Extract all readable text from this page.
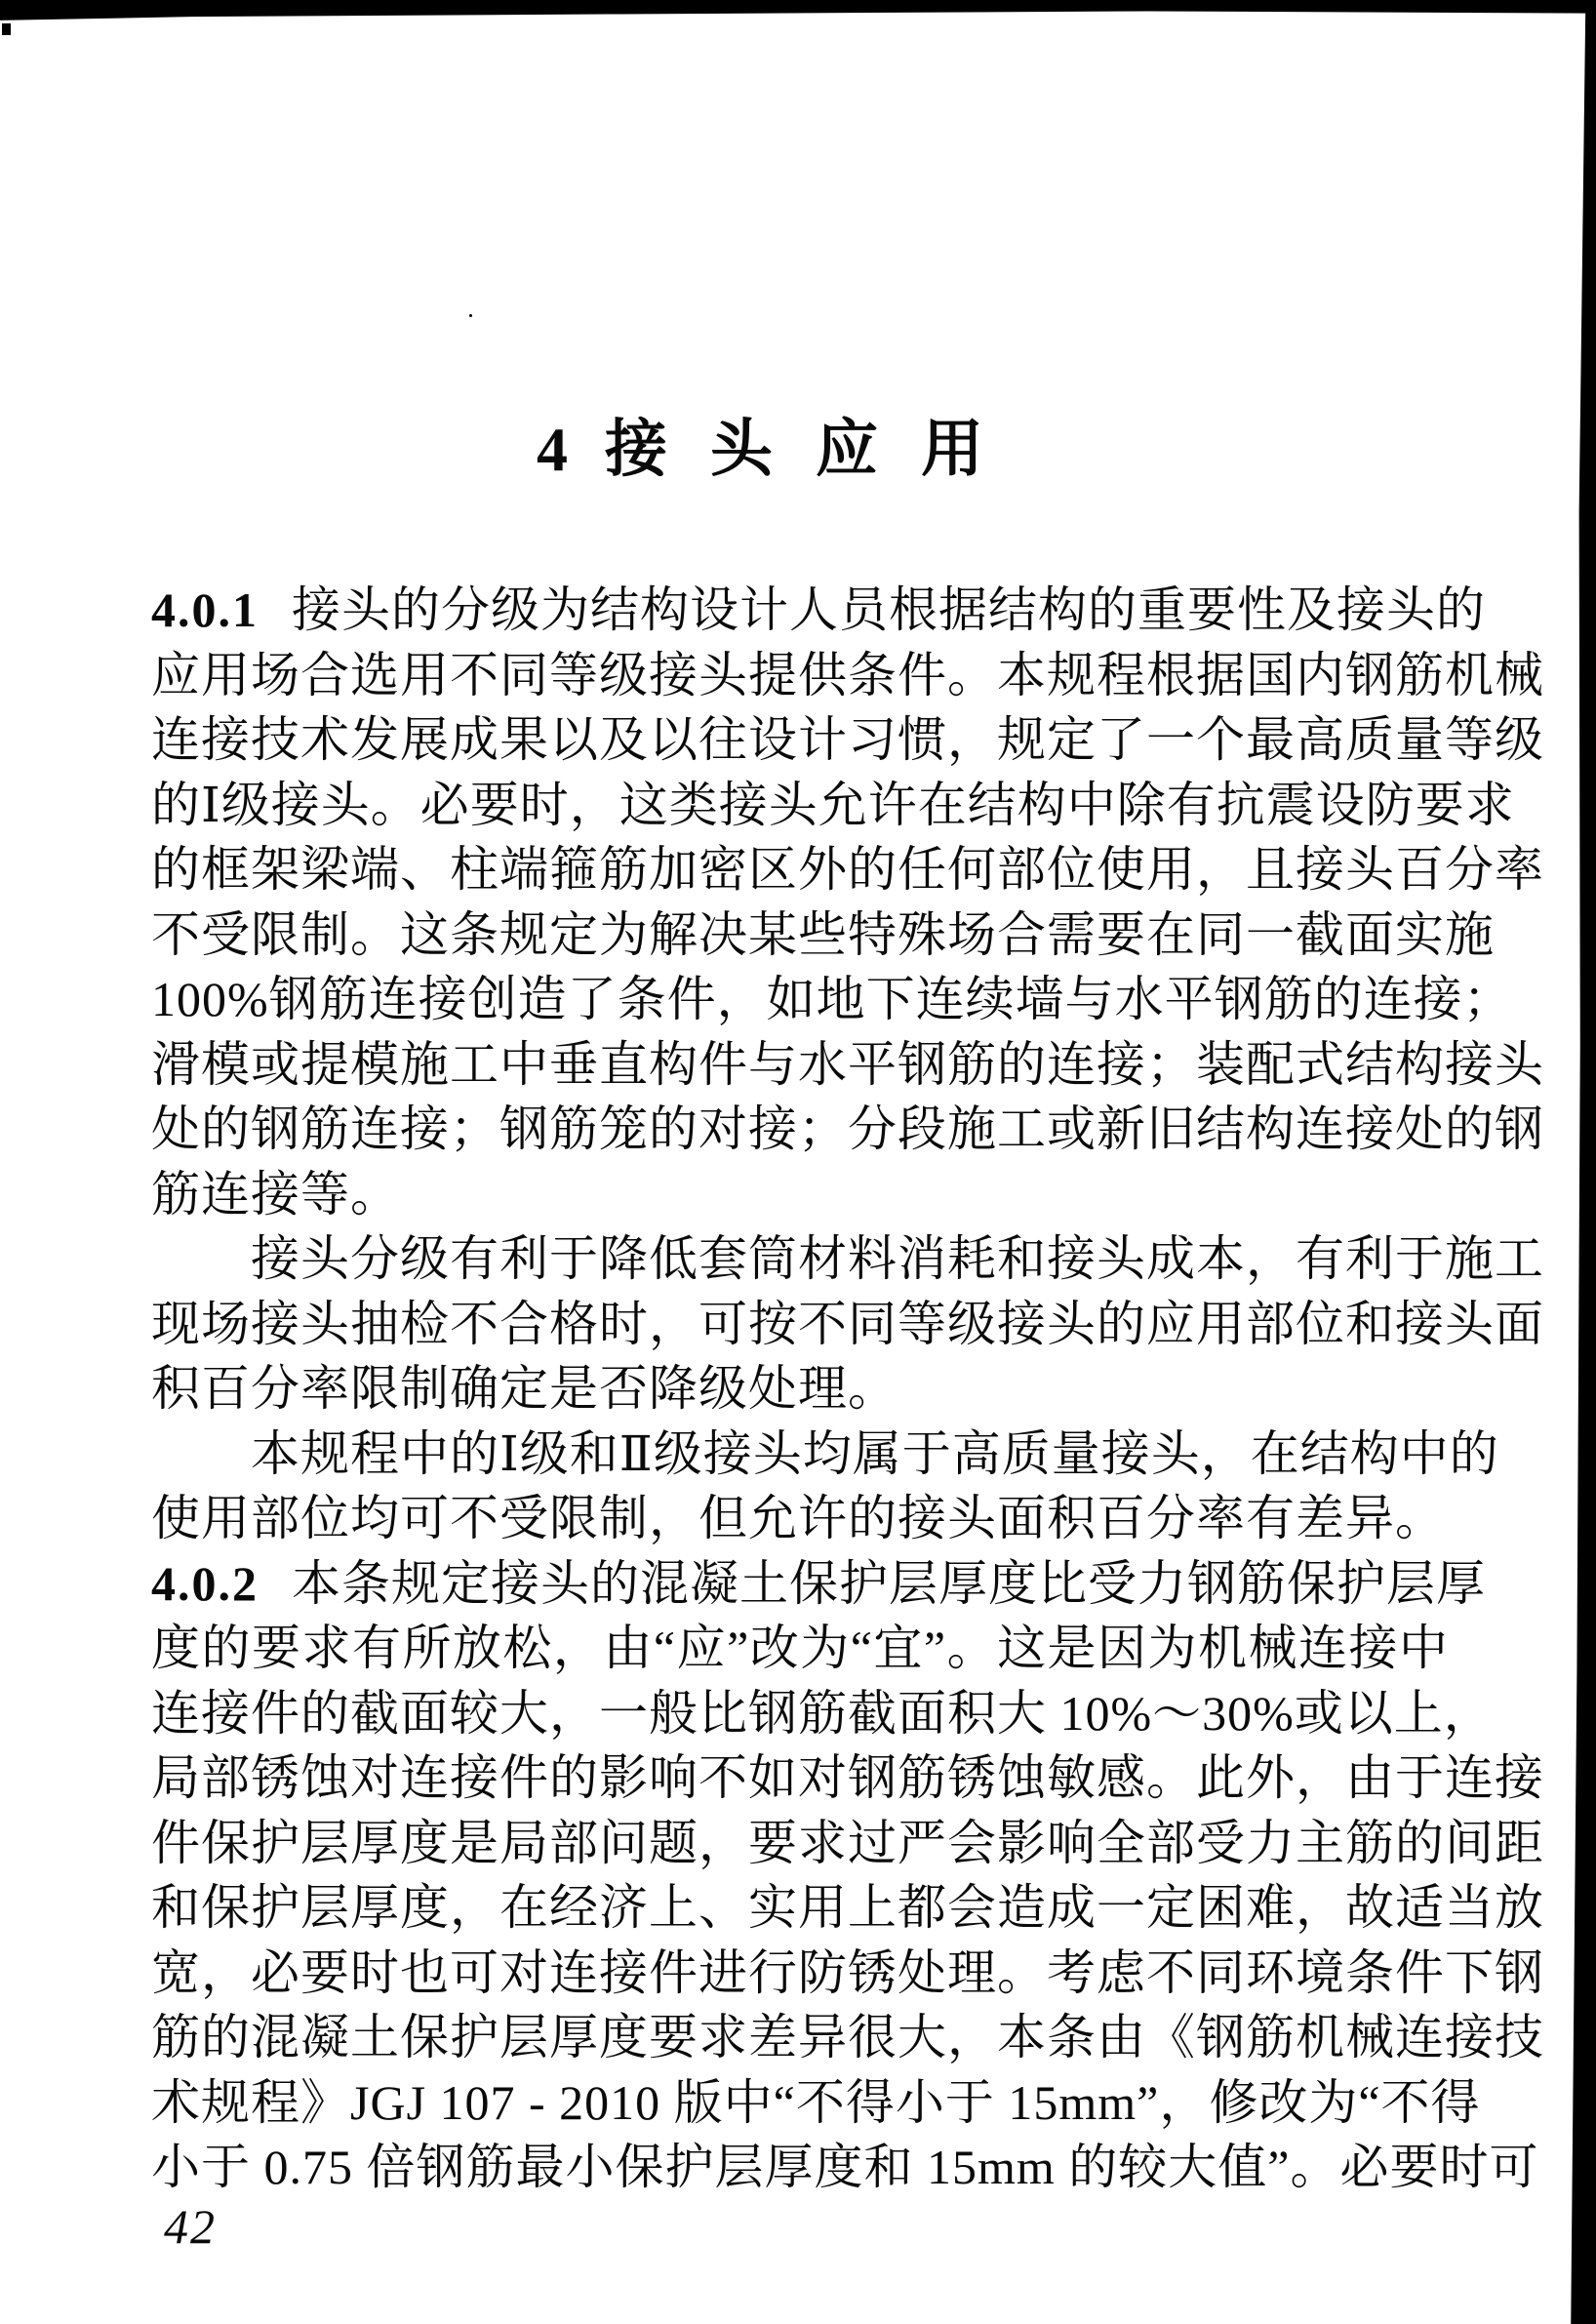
4 接 头 应 用
4.0.1 接头的分级为结构设计人员根据结构的重要性及接头的
应用场合选用不同等级接头提供条件。本规程根据国内钢筋机械
连接技术发展成果以及以往设计习惯，规定了一个最高质量等级
的Ⅰ级接头。必要时，这类接头允许在结构中除有抗震设防要求
的框架梁端、柱端箍筋加密区外的任何部位使用，且接头百分率
不受限制。这条规定为解决某些特殊场合需要在同一截面实施
100%钢筋连接创造了条件，如地下连续墙与水平钢筋的连接；
滑模或提模施工中垂直构件与水平钢筋的连接；装配式结构接头
处的钢筋连接；钢筋笼的对接；分段施工或新旧结构连接处的钢
筋连接等。
接头分级有利于降低套筒材料消耗和接头成本，有利于施工
现场接头抽检不合格时，可按不同等级接头的应用部位和接头面
积百分率限制确定是否降级处理。
本规程中的Ⅰ级和Ⅱ级接头均属于高质量接头，在结构中的
使用部位均可不受限制，但允许的接头面积百分率有差异。
4.0.2 本条规定接头的混凝土保护层厚度比受力钢筋保护层厚
度的要求有所放松，由“应”改为“宜”。这是因为机械连接中
连接件的截面较大，一般比钢筋截面积大 10%～30%或以上，
局部锈蚀对连接件的影响不如对钢筋锈蚀敏感。此外，由于连接
件保护层厚度是局部问题，要求过严会影响全部受力主筋的间距
和保护层厚度，在经济上、实用上都会造成一定困难，故适当放
宽，必要时也可对连接件进行防锈处理。考虑不同环境条件下钢
筋的混凝土保护层厚度要求差异很大，本条由《钢筋机械连接技
术规程》JGJ 107 - 2010 版中“不得小于 15mm”，修改为“不得
小于 0.75 倍钢筋最小保护层厚度和 15mm 的较大值”。必要时可
42
